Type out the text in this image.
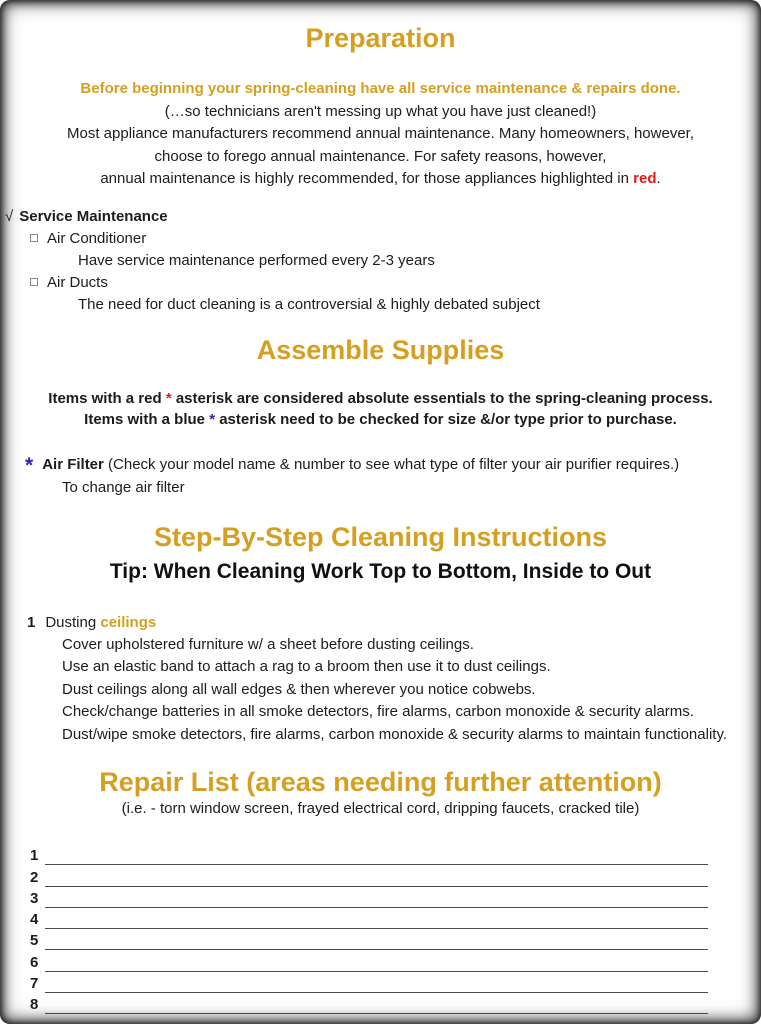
Preparation
Before beginning your spring-cleaning have all service maintenance & repairs done.
(…so technicians aren't messing up what you have just cleaned!)
Most appliance manufacturers recommend annual maintenance. Many homeowners, however,
choose to forego annual maintenance. For safety reasons, however,
annual maintenance is highly recommended, for those appliances highlighted in red.
√ Service Maintenance
Air Conditioner
Have service maintenance performed every 2-3 years
Air Ducts
The need for duct cleaning is a controversial & highly debated subject
Assemble Supplies
Items with a red * asterisk are considered absolute essentials to the spring-cleaning process.
Items with a blue * asterisk need to be checked for size &/or type prior to purchase.
* Air Filter (Check your model name & number to see what type of filter your air purifier requires.)
To change air filter
Step-By-Step Cleaning Instructions
Tip: When Cleaning Work Top to Bottom, Inside to Out
1 Dusting ceilings
Cover upholstered furniture w/ a sheet before dusting ceilings.
Use an elastic band to attach a rag to a broom then use it to dust ceilings.
Dust ceilings along all wall edges & then wherever you notice cobwebs.
Check/change batteries in all smoke detectors, fire alarms, carbon monoxide & security alarms.
Dust/wipe smoke detectors, fire alarms, carbon monoxide & security alarms to maintain functionality.
Repair List (areas needing further attention)
(i.e. - torn window screen, frayed electrical cord, dripping faucets, cracked tile)
1
2
3
4
5
6
7
8
